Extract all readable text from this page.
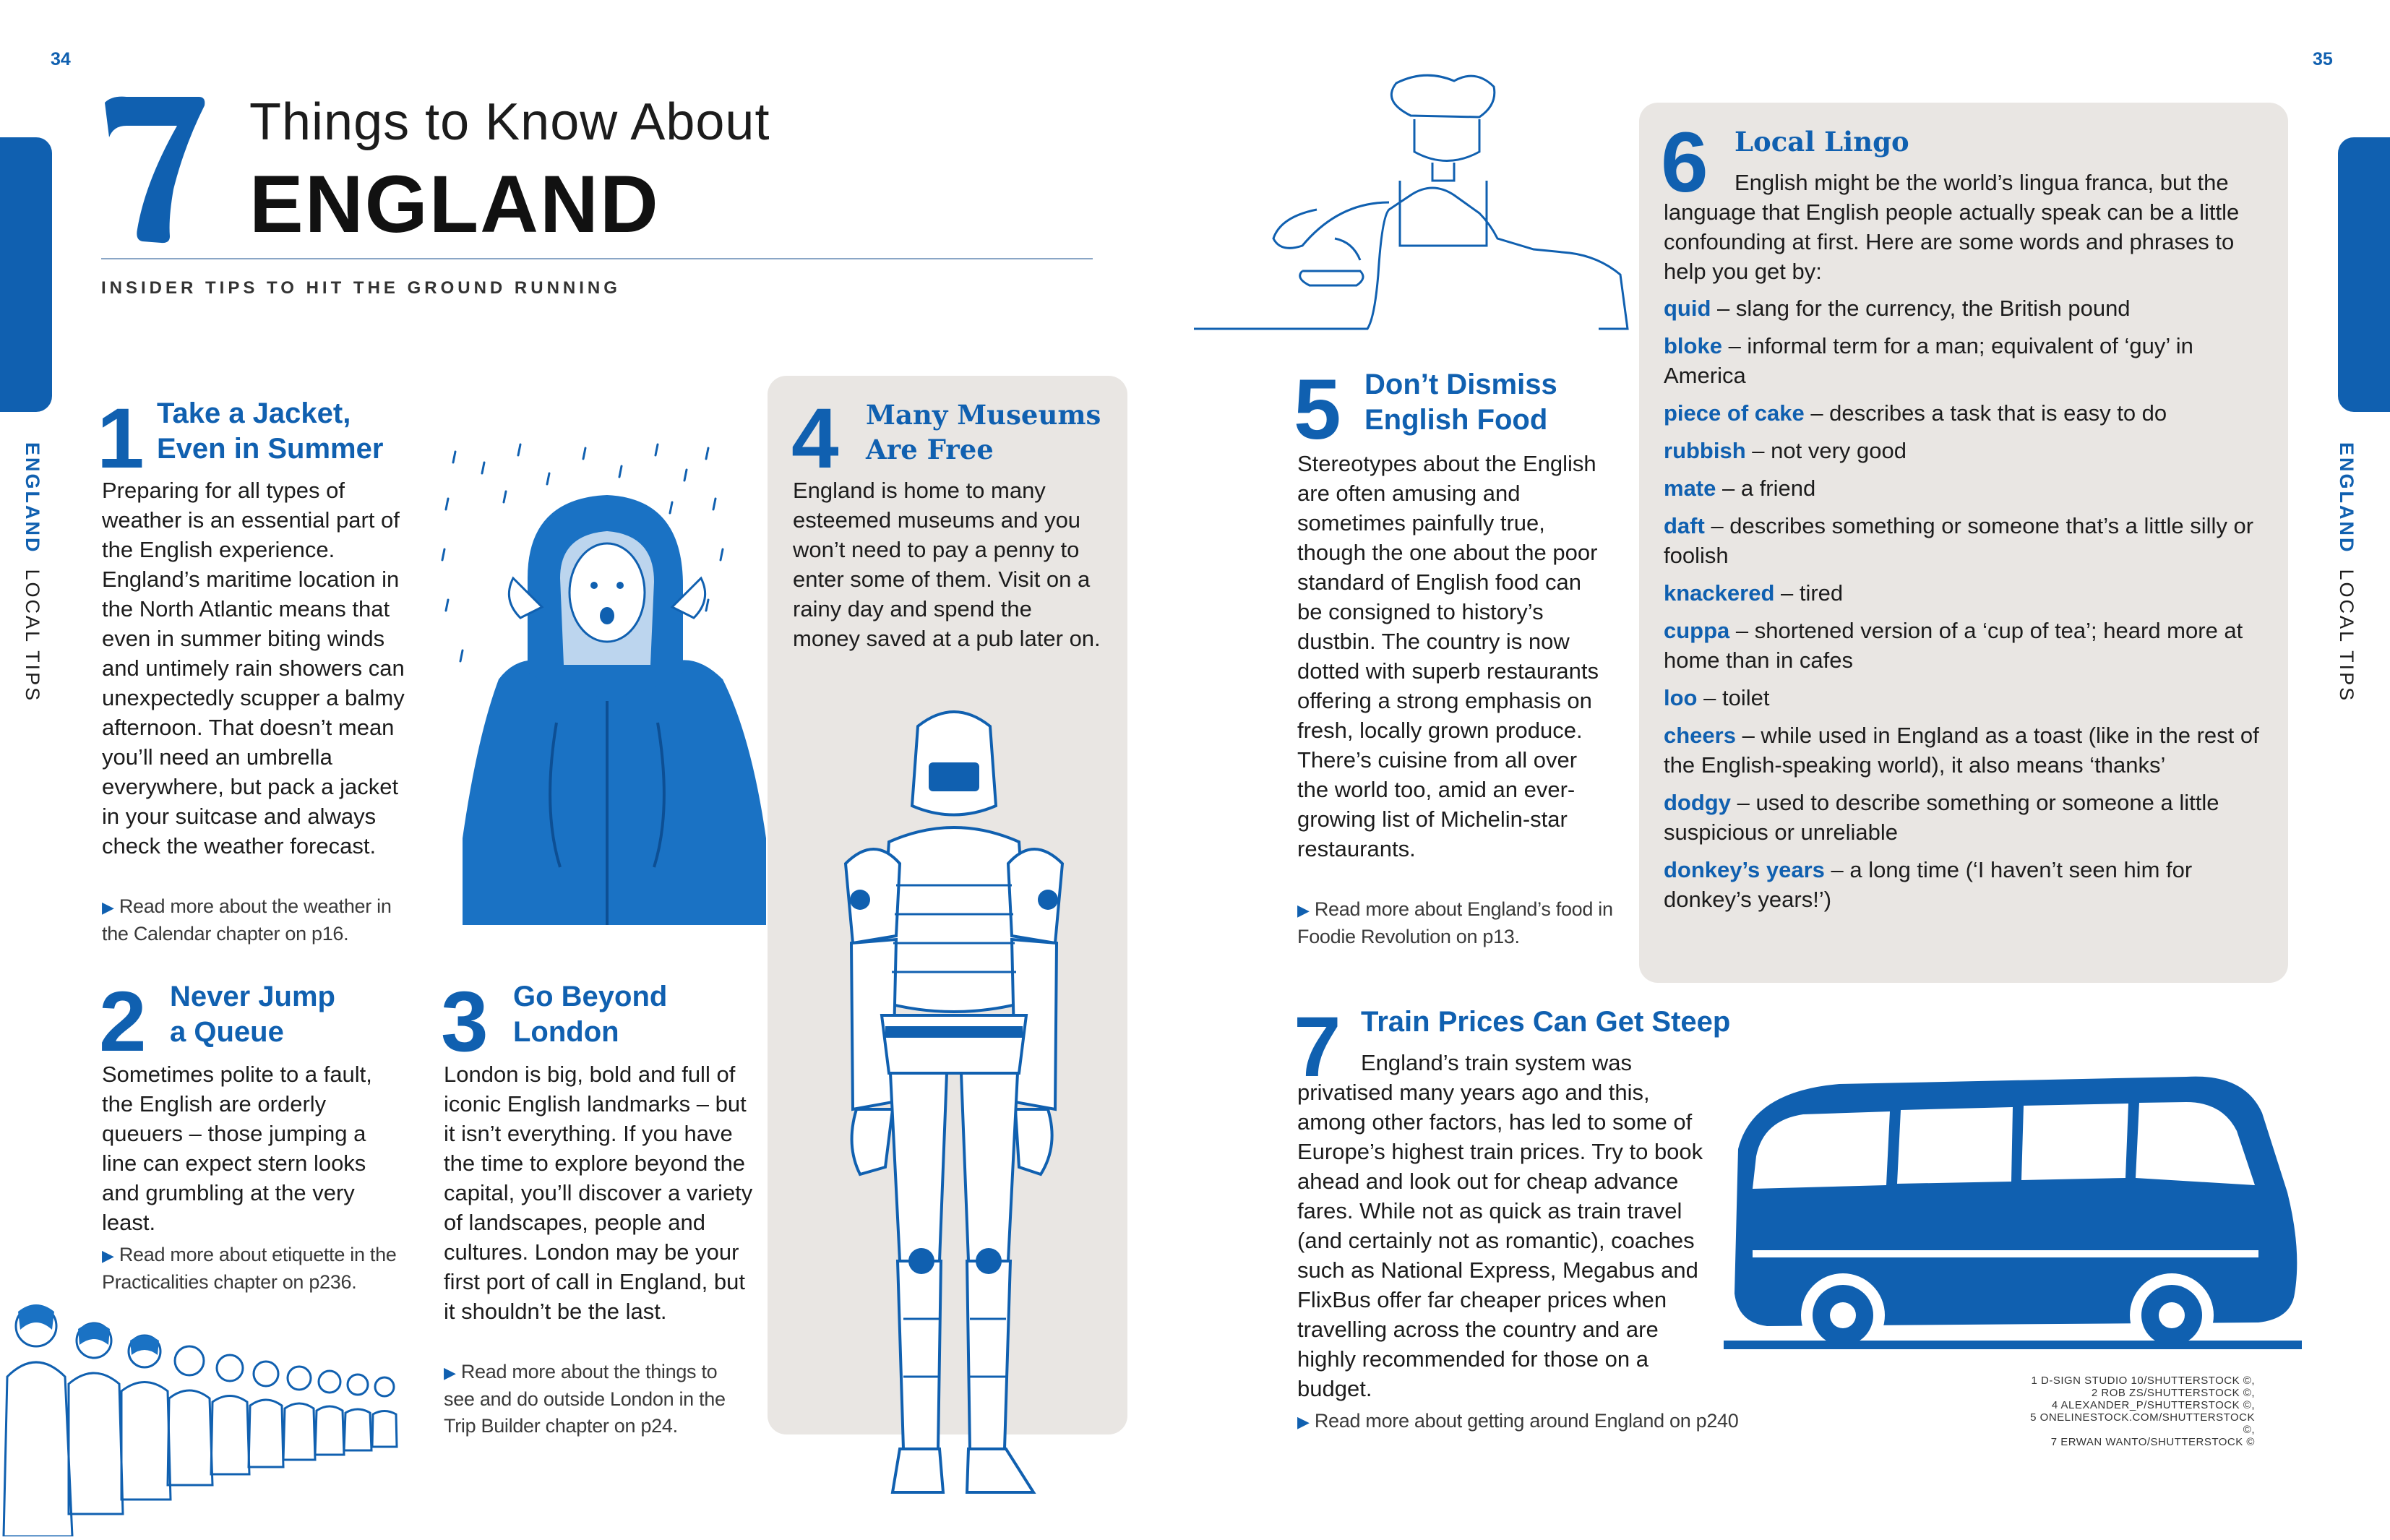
34	35
ENGLAND  LOCAL TIPS
ENGLAND  LOCAL TIPS
Things to Know About
ENGLAND
INSIDER TIPS TO HIT THE GROUND RUNNING
1 Take a Jacket,
Even in Summer
Preparing for all types of weather is an essential part of the English experience. England’s maritime location in the North Atlantic means that even in summer biting winds and untimely rain showers can unexpectedly scupper a balmy afternoon. That doesn’t mean you’ll need an umbrella everywhere, but pack a jacket in your suitcase and always check the weather forecast.
▶ Read more about the weather in the Calendar chapter on p16.
2 Never Jump
a Queue
Sometimes polite to a fault, the English are orderly queuers – those jumping a line can expect stern looks and grumbling at the very least.
▶ Read more about etiquette in the Practicalities chapter on p236.
3 Go Beyond
London
London is big, bold and full of iconic English landmarks – but it isn’t everything. If you have the time to explore beyond the capital, you’ll discover a variety of landscapes, people and cultures. London may be your first port of call in England, but it shouldn’t be the last.
▶ Read more about the things to see and do outside London in the Trip Builder chapter on p24.
4 Many Museums
Are Free
England is home to many esteemed museums and you won’t need to pay a penny to enter some of them. Visit on a rainy day and spend the money saved at a pub later on.
5 Don’t Dismiss
English Food
Stereotypes about the English are often amusing and sometimes painfully true, though the one about the poor standard of English food can be consigned to history’s dustbin. The country is now dotted with superb restaurants offering a strong emphasis on fresh, locally grown produce. There’s cuisine from all over the world too, amid an ever-growing list of Michelin-star restaurants.
▶ Read more about England’s food in Foodie Revolution on p13.
6 Local Lingo
English might be the world’s lingua franca, but the language that English people actually speak can be a little confounding at first. Here are some words and phrases to help you get by:

quid – slang for the currency, the British pound

bloke – informal term for a man; equivalent of ‘guy’ in America

piece of cake – describes a task that is easy to do

rubbish – not very good

mate – a friend

daft – describes something or someone that’s a little silly or foolish

knackered – tired

cuppa – shortened version of a ‘cup of tea’; heard more at home than in cafes

loo – toilet

cheers – while used in England as a toast (like in the rest of the English-speaking world), it also means ‘thanks’

dodgy – used to describe something or someone a little suspicious or unreliable

donkey’s years – a long time (‘I haven’t seen him for donkey’s years!’)

7 Train Prices Can Get Steep
England’s train system was privatised many years ago and this, among other factors, has led to some of Europe’s highest train prices. Try to book ahead and look out for cheap advance fares. While not as quick as train travel (and certainly not as romantic), coaches such as National Express, Megabus and FlixBus offer far cheaper prices when travelling across the country and are highly recommended for those on a budget.
▶ Read more about getting around England on p240
1 D-SIGN STUDIO 10/SHUTTERSTOCK ©,
2 ROB ZS/SHUTTERSTOCK ©,
4 ALEXANDER_P/SHUTTERSTOCK ©,
5 ONELINESTOCK.COM/SHUTTERSTOCK ©,
7 ERWAN WANTO/SHUTTERSTOCK ©
